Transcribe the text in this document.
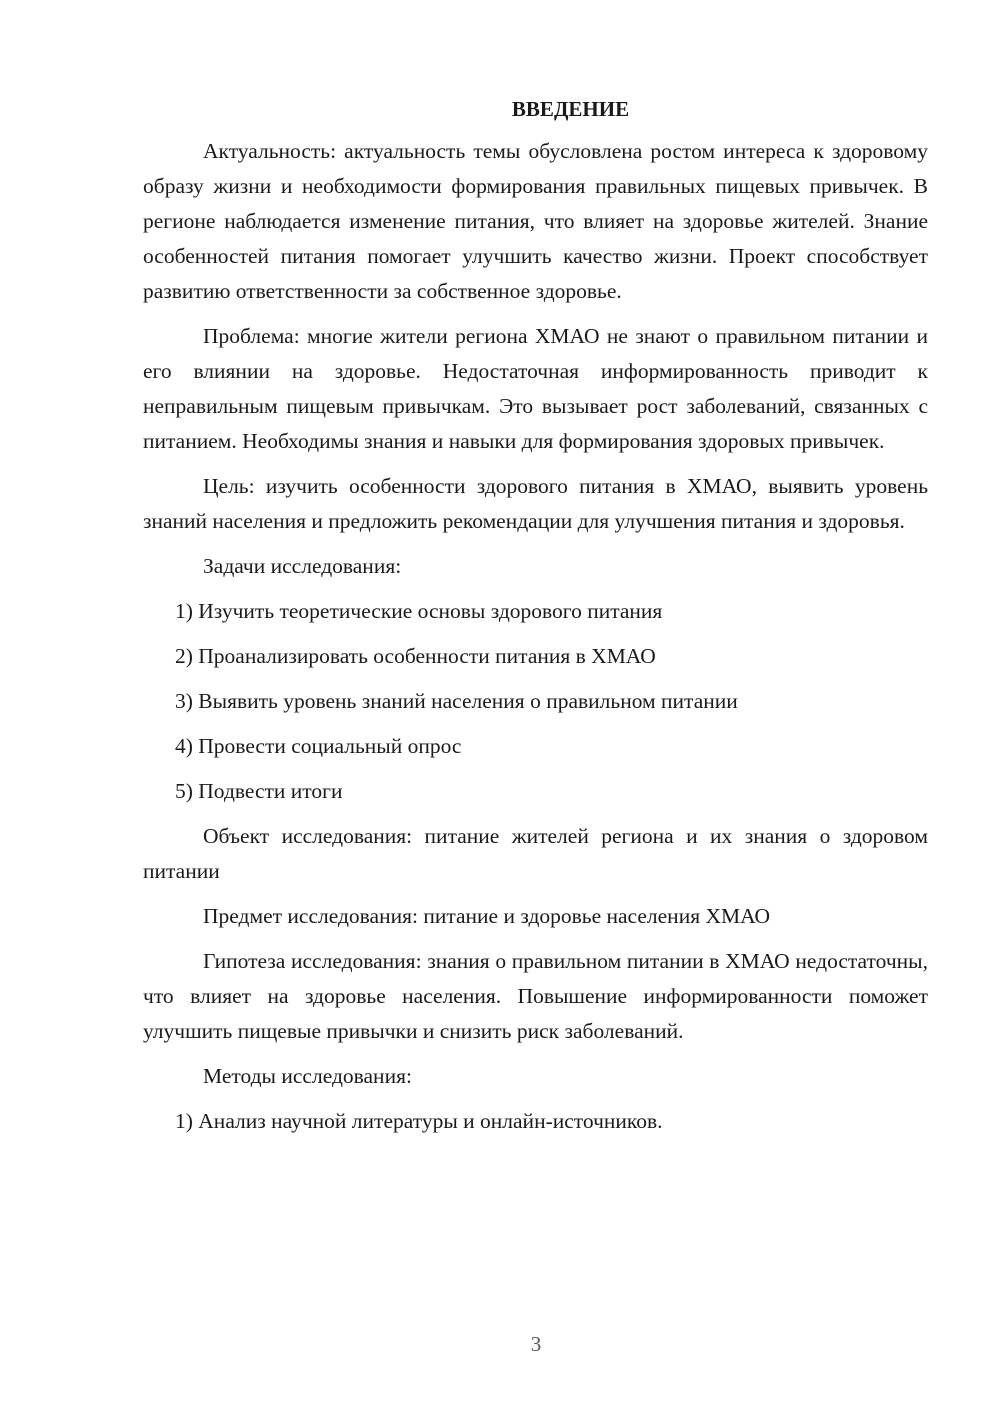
ВВЕДЕНИЕ

Актуальность: актуальность темы обусловлена ростом интереса к здоровому образу жизни и необходимости формирования правильных пищевых привычек. В регионе наблюдается изменение питания, что влияет на здоровье жителей. Знание особенностей питания помогает улучшить качество жизни. Проект способствует развитию ответственности за собственное здоровье.

Проблема: многие жители региона ХМАО не знают о правильном питании и его влиянии на здоровье. Недостаточная информированность приводит к неправильным пищевым привычкам. Это вызывает рост заболеваний, связанных с питанием. Необходимы знания и навыки для формирования здоровых привычек.

Цель: изучить особенности здорового питания в ХМАО, выявить уровень знаний населения и предложить рекомендации для улучшения питания и здоровья.

Задачи исследования:

1) Изучить теоретические основы здорового питания
2) Проанализировать особенности питания в ХМАО
3) Выявить уровень знаний населения о правильном питании
4) Провести социальный опрос
5) Подвести итоги

Объект исследования: питание жителей региона и их знания о здоровом питании

Предмет исследования: питание и здоровье населения ХМАО

Гипотеза исследования: знания о правильном питании в ХМАО недостаточны, что влияет на здоровье населения. Повышение информированности поможет улучшить пищевые привычки и снизить риск заболеваний.

Методы исследования:

1) Анализ научной литературы и онлайн-источников.
3
